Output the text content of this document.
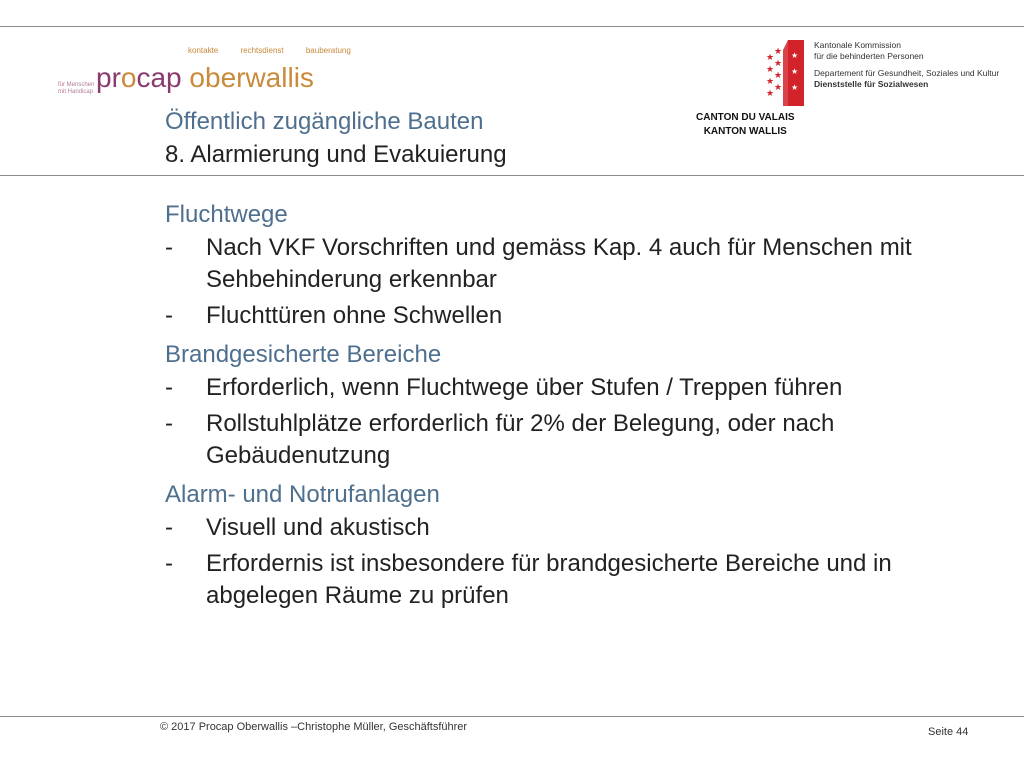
kontakte	rechtsdienst	bauberatung
für Menschen mit Handicap procap oberwallis
★
★
★
★
★
★
★
★
★
★
★
Kantonale Kommission
für die behinderten Personen
Departement für Gesundheit, Soziales und Kultur
Dienststelle für Sozialwesen
CANTON DU VALAIS
KANTON WALLIS
Öffentlich zugängliche Bauten
8. Alarmierung und Evakuierung
Fluchtwege
- Nach VKF Vorschriften und gemäss Kap. 4 auch für Menschen mit Sehbehinderung erkennbar
- Fluchttüren ohne Schwellen
Brandgesicherte Bereiche
- Erforderlich, wenn Fluchtwege über Stufen / Treppen führen
- Rollstuhlplätze erforderlich für 2% der Belegung, oder nach Gebäudenutzung
Alarm- und Notrufanlagen
- Visuell und akustisch
- Erfordernis ist insbesondere für brandgesicherte Bereiche und in abgelegen Räume zu prüfen
© 2017 Procap Oberwallis –Christophe Müller, Geschäftsführer	Seite 44
